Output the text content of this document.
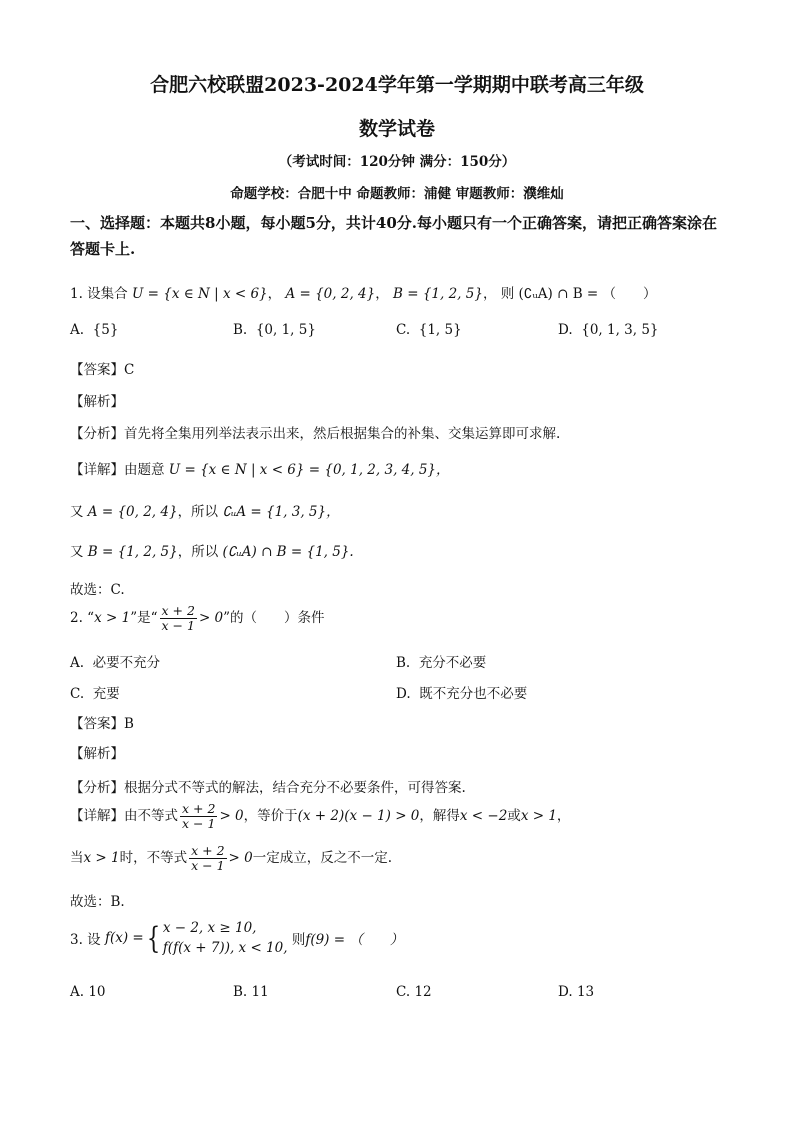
合肥六校联盟2023-2024学年第一学期期中联考高三年级
数学试卷
（考试时间：120分钟 满分：150分）
命题学校：合肥十中 命题教师：浦健 审题教师：濮维灿
一、选择题：本题共8小题，每小题5分，共计40分.每小题只有一个正确答案，请把正确答案涂在答题卡上.
1. 设集合 U = {x ∈ N | x < 6}， A = {0, 2, 4}， B = {1, 2, 5}， 则 (∁ᵤA) ∩ B = （　　）
A. {5}	B. {0, 1, 5}	C. {1, 5}	D. {0, 1, 3, 5}
【答案】C
【解析】
【分析】首先将全集用列举法表示出来，然后根据集合的补集、交集运算即可求解.
【详解】由题意 U = {x ∈ N | x < 6} = {0, 1, 2, 3, 4, 5}，
又 A = {0, 2, 4}，所以 ∁ᵤA = {1, 3, 5}，
又 B = {1, 2, 5}，所以 (∁ᵤA) ∩ B = {1, 5}.
故选：C.
2. “x > 1”是“ $\frac{x + 2}{x - 1} > 0$”的（　　）条件
A. 必要不充分	B. 充分不必要
C. 充要	D. 既不充分也不必要
【答案】B
【解析】
【分析】根据分式不等式的解法，结合充分不必要条件，可得答案.
【详解】由不等式 $\frac{x + 2}{x - 1} > 0$，等价于(x + 2)(x − 1) > 0，解得x < −2或x > 1，
当x > 1时，不等式 $\frac{x + 2}{x - 1} > 0$一定成立，反之不一定.
故选：B.
3. 设 f(x) ={ x − 2, x ≥ 10,
f(f(x + 7)), x < 10, 则f(9) = （　　）
A. 10	B. 11	C. 12	D. 13
